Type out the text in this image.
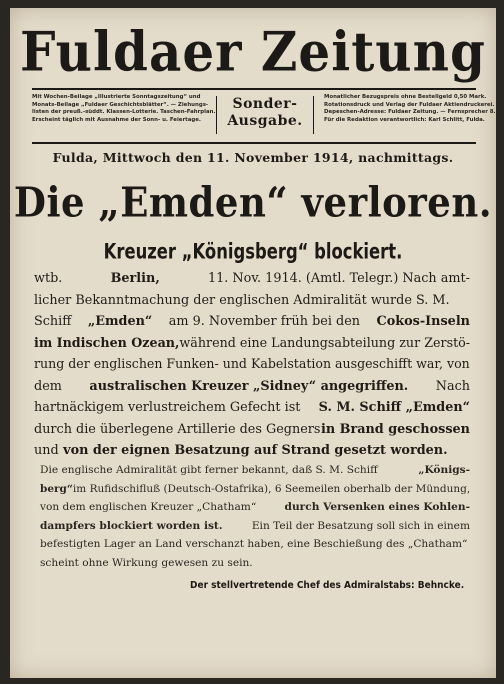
Fuldaer Zeitung
Mit Wochen-Beilage „Illustrierte Sonntagszeitung“ und
Monats-Beilage „Fuldaer Geschichtsblätter“. — Ziehungs-
listen der preuß.-süddt. Klassen-Lotterie. Taschen-Fahrplan.
Erscheint täglich mit Ausnahme der Sonn- u. Feiertage.
Sonder-
Ausgabe.
Monatlicher Bezugspreis ohne Bestellgeld 0,50 Mark.
Rotationsdruck und Verlag der Fuldaer Aktiendruckerei.
Depeschen-Adresse: Fuldaer Zeitung. — Fernsprecher 8.
Für die Redaktion verantwortlich: Karl Schlitt, Fulda.
Fulda, Mittwoch den 11. November 1914, nachmittags.
Die „Emden“ verloren.
Kreuzer „Königsberg“ blockiert.
wtb.	Berlin,	11. Nov. 1914. (Amtl. Telegr.) Nach amt-
licher Bekanntmachung der englischen Admiralität wurde S. M.
Schiff „Emden“ am 9. November früh bei den Cokos-Inseln
im Indischen Ozean, während eine Landungsabteilung zur Zerstö-
rung der englischen Funken- und Kabelstation ausgeschifft war, von
dem australischen Kreuzer „Sidney“ angegriffen. Nach
hartnäckigem verlustreichem Gefecht ist S. M. Schiff „Emden“
durch die überlegene Artillerie des Gegners in Brand geschossen
und von der eignen Besatzung auf Strand gesetzt worden.
Die englische Admiralität gibt ferner bekannt, daß S. M. Schiff	„Königs-
berg“ im Rufidschifluß (Deutsch-Ostafrika), 6 Seemeilen oberhalb der Mündung,
von dem englischen Kreuzer „Chatham“	durch Versenken eines Kohlen-
dampfers blockiert worden ist.	Ein Teil der Besatzung soll sich in einem
befestigten Lager an Land verschanzt haben, eine Beschießung des „Chatham“
scheint ohne Wirkung gewesen zu sein.
Der stellvertretende Chef des Admiralstabs: Behncke.
